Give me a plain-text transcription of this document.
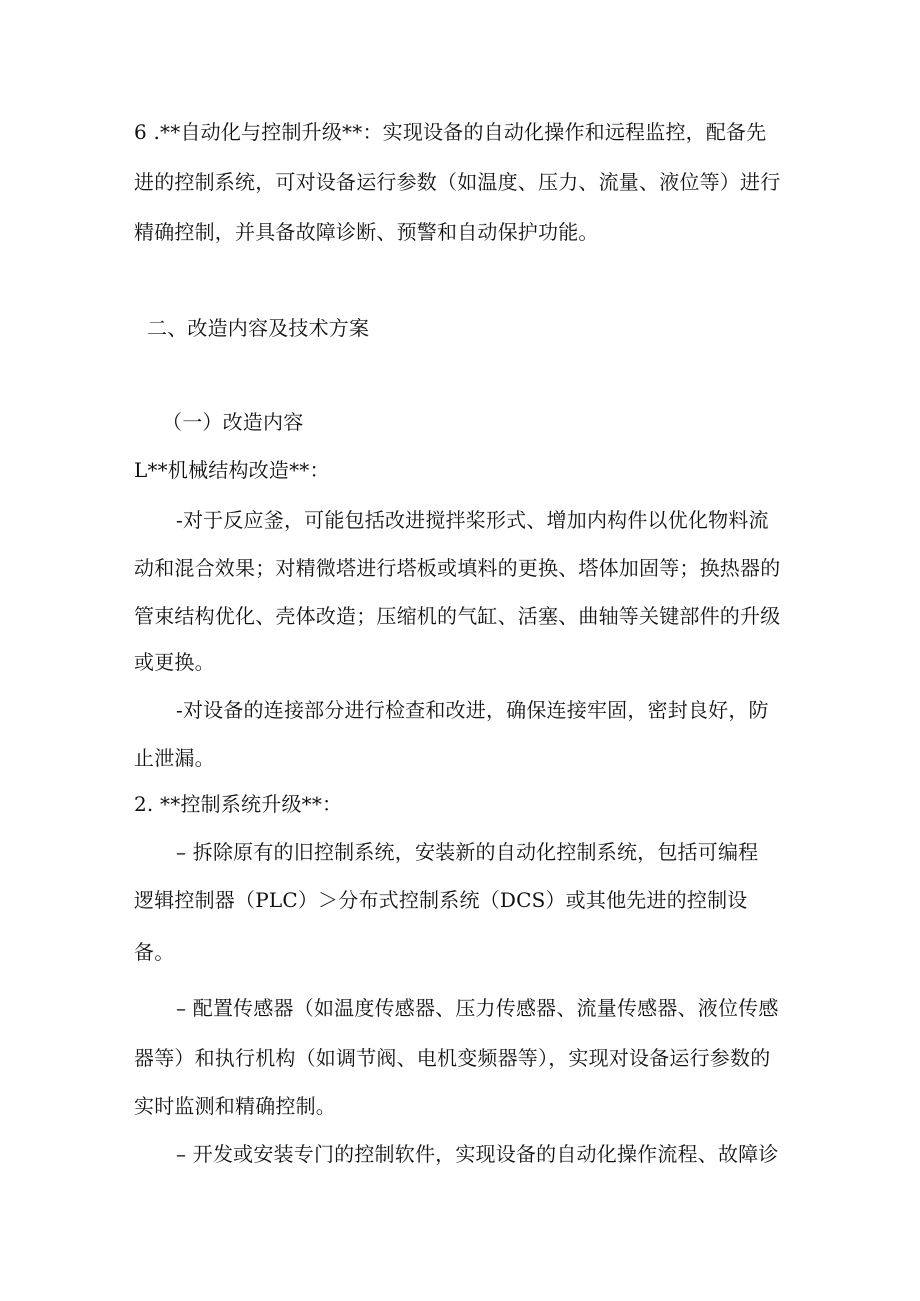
6 .**自动化与控制升级**：实现设备的自动化操作和远程监控，配备先
进的控制系统，可对设备运行参数（如温度、压力、流量、液位等）进行
精确控制，并具备故障诊断、预警和自动保护功能。
二、改造内容及技术方案
（一）改造内容
L**机械结构改造**：
-对于反应釜，可能包括改进搅拌桨形式、增加内构件以优化物料流
动和混合效果；对精微塔进行塔板或填料的更换、塔体加固等；换热器的
管束结构优化、壳体改造；压缩机的气缸、活塞、曲轴等关键部件的升级
或更换。
-对设备的连接部分进行检查和改进，确保连接牢固，密封良好，防
止泄漏。
2. **控制系统升级**：
– 拆除原有的旧控制系统，安装新的自动化控制系统，包括可编程
逻辑控制器（PLC）＞分布式控制系统（DCS）或其他先进的控制设
备。
– 配置传感器（如温度传感器、压力传感器、流量传感器、液位传感
器等）和执行机构（如调节阀、电机变频器等），实现对设备运行参数的
实时监测和精确控制。
– 开发或安装专门的控制软件，实现设备的自动化操作流程、故障诊
